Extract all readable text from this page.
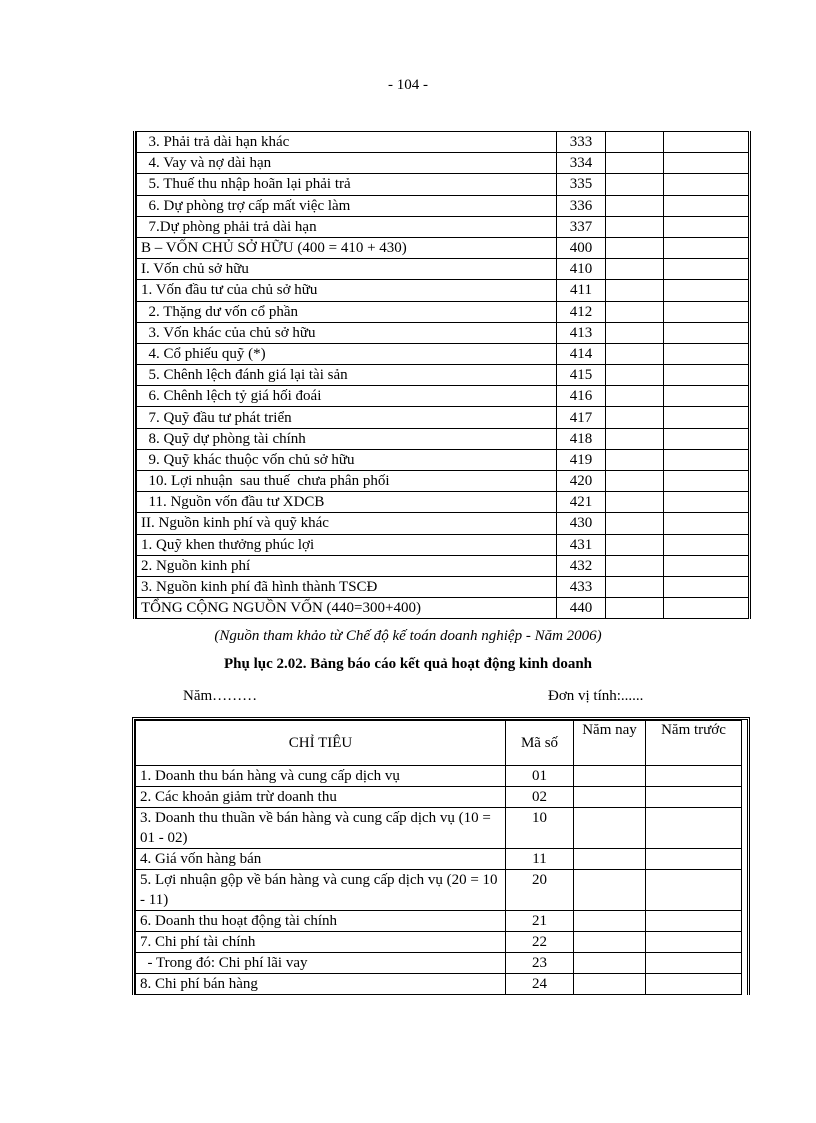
- 104 -
3. Phải trả dài hạn khác	333		
4. Vay và nợ dài hạn	334		
5. Thuế thu nhập hoãn lại phải trả	335		
6. Dự phòng trợ cấp mất việc làm	336		
7.Dự phòng phải trả dài hạn	337		
B – VỐN CHỦ SỞ HỮU (400 = 410 + 430)	400		
I. Vốn chủ sở hữu	410		
1. Vốn đầu tư của chủ sở hữu	411		
2. Thặng dư vốn cổ phần	412		
3. Vốn khác của chủ sở hữu	413		
4. Cổ phiếu quỹ (*)	414		
5. Chênh lệch đánh giá lại tài sản	415		
6. Chênh lệch tỷ giá hối đoái	416		
7. Quỹ đầu tư phát triển	417		
8. Quỹ dự phòng tài chính	418		
9. Quỹ khác thuộc vốn chủ sở hữu	419		
10. Lợi nhuận  sau thuế  chưa phân phối	420		
11. Nguồn vốn đầu tư XDCB	421		
II. Nguồn kinh phí và quỹ khác	430		
1. Quỹ khen thưởng phúc lợi	431		
2. Nguồn kinh phí	432		
3. Nguồn kinh phí đã hình thành TSCĐ	433		
TỔNG CỘNG NGUỒN VỐN (440=300+400)	440		
(Nguồn tham khảo từ Chế độ kế toán doanh nghiệp - Năm 2006)
Phụ lục 2.02. Bảng báo cáo kết quả hoạt động kinh doanh
Năm………	Đơn vị tính:......
CHỈ TIÊU	Mã số	Năm nay	Năm trước
1. Doanh thu bán hàng và cung cấp dịch vụ	01		
2. Các khoản giảm trừ doanh thu	02		
3. Doanh thu thuần về bán hàng và cung cấp dịch vụ (10 = 01 - 02)	10		
4. Giá vốn hàng bán	11		
5. Lợi nhuận gộp về bán hàng và cung cấp dịch vụ (20 = 10 - 11)	20		
6. Doanh thu hoạt động tài chính	21		
7. Chi phí tài chính	22		
- Trong đó: Chi phí lãi vay	23		
8. Chi phí bán hàng	24		
